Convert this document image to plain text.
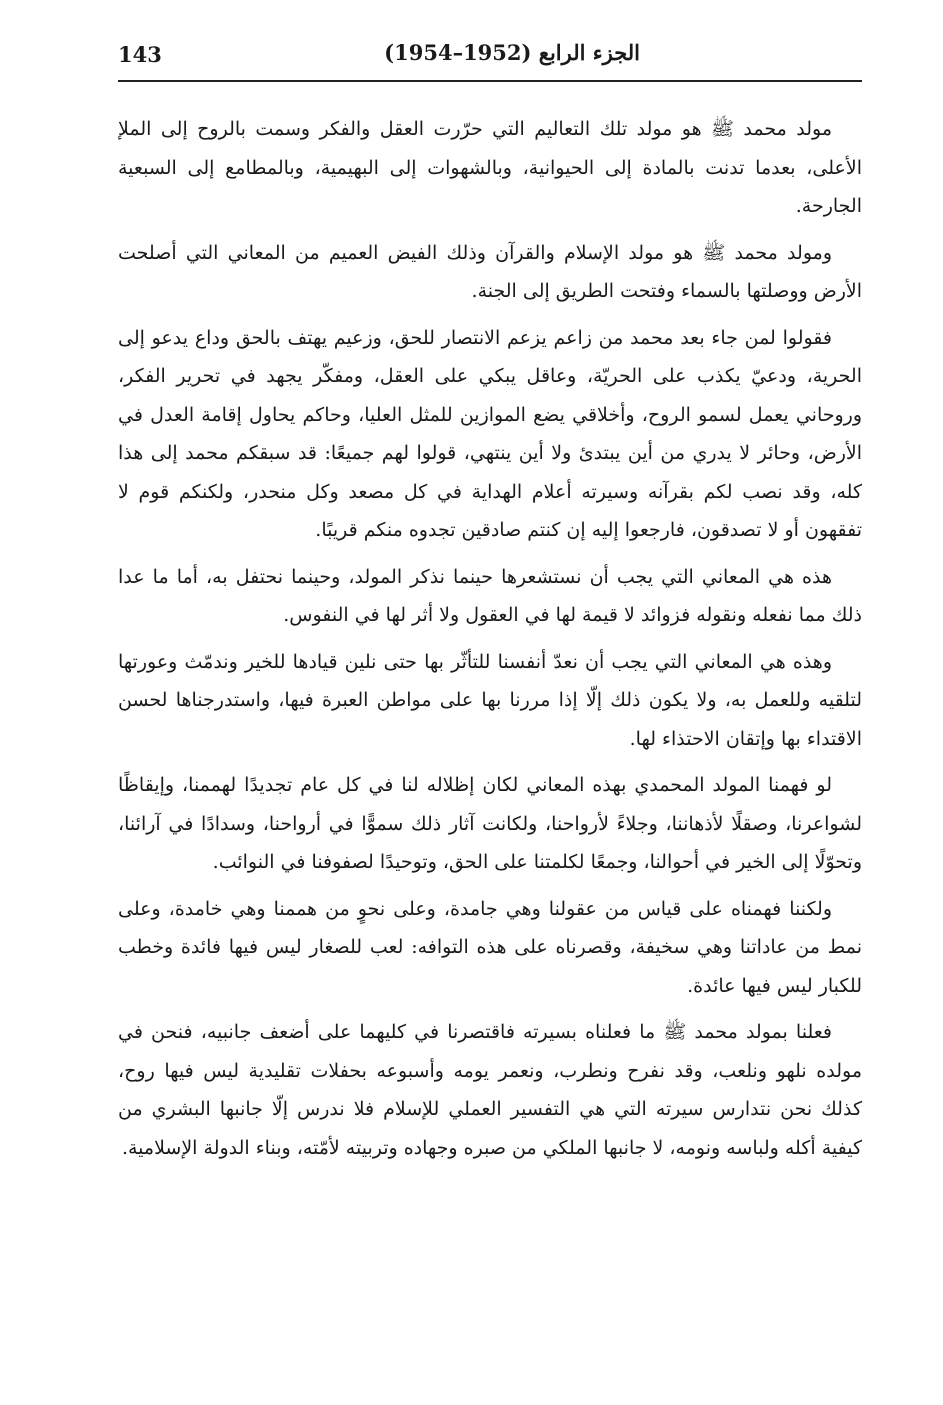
الجزء الرابع (1952–1954)
143

مولد محمد ﷺ هو مولد تلك التعاليم التي حرّرت العقل والفكر وسمت بالروح إلى الملإ الأعلى، بعدما تدنت بالمادة إلى الحيوانية، وبالشهوات إلى البهيمية، وبالمطامع إلى السبعية الجارحة.

ومولد محمد ﷺ هو مولد الإسلام والقرآن وذلك الفيض العميم من المعاني التي أصلحت الأرض ووصلتها بالسماء وفتحت الطريق إلى الجنة.

فقولوا لمن جاء بعد محمد من زاعم يزعم الانتصار للحق، وزعيم يهتف بالحق وداع يدعو إلى الحرية، ودعيّ يكذب على الحريّة، وعاقل يبكي على العقل، ومفكّر يجهد في تحرير الفكر، وروحاني يعمل لسمو الروح، وأخلاقي يضع الموازين للمثل العليا، وحاكم يحاول إقامة العدل في الأرض، وحائر لا يدري من أين يبتدئ ولا أين ينتهي، قولوا لهم جميعًا: قد سبقكم محمد إلى هذا كله، وقد نصب لكم بقرآنه وسيرته أعلام الهداية في كل مصعد وكل منحدر، ولكنكم قوم لا تفقهون أو لا تصدقون، فارجعوا إليه إن كنتم صادقين تجدوه منكم قريبًا.

هذه هي المعاني التي يجب أن نستشعرها حينما نذكر المولد، وحينما نحتفل به، أما ما عدا ذلك مما نفعله ونقوله فزوائد لا قيمة لها في العقول ولا أثر لها في النفوس.

وهذه هي المعاني التي يجب أن نعدّ أنفسنا للتأثّر بها حتى نلين قيادها للخير وندمّث وعورتها لتلقيه وللعمل به، ولا يكون ذلك إلّا إذا مررنا بها على مواطن العبرة فيها، واستدرجناها لحسن الاقتداء بها وإتقان الاحتذاء لها.

لو فهمنا المولد المحمدي بهذه المعاني لكان إظلاله لنا في كل عام تجديدًا لهممنا، وإيقاظًا لشواعرنا، وصقلًا لأذهاننا، وجلاءً لأرواحنا، ولكانت آثار ذلك سموًّا في أرواحنا، وسدادًا في آرائنا، وتحوّلًا إلى الخير في أحوالنا، وجمعًا لكلمتنا على الحق، وتوحيدًا لصفوفنا في النوائب.

ولكننا فهمناه على قياس من عقولنا وهي جامدة، وعلى نحوٍ من هممنا وهي خامدة، وعلى نمط من عاداتنا وهي سخيفة، وقصرناه على هذه التوافه: لعب للصغار ليس فيها فائدة وخطب للكبار ليس فيها عائدة.

فعلنا بمولد محمد ﷺ ما فعلناه بسيرته فاقتصرنا في كليهما على أضعف جانبيه، فنحن في مولده نلهو ونلعب، وقد نفرح ونطرب، ونعمر يومه وأسبوعه بحفلات تقليدية ليس فيها روح، كذلك نحن نتدارس سيرته التي هي التفسير العملي للإسلام فلا ندرس إلّا جانبها البشري من كيفية أكله ولباسه ونومه، لا جانبها الملكي من صبره وجهاده وتربيته لأمّته، وبناء الدولة الإسلامية.
